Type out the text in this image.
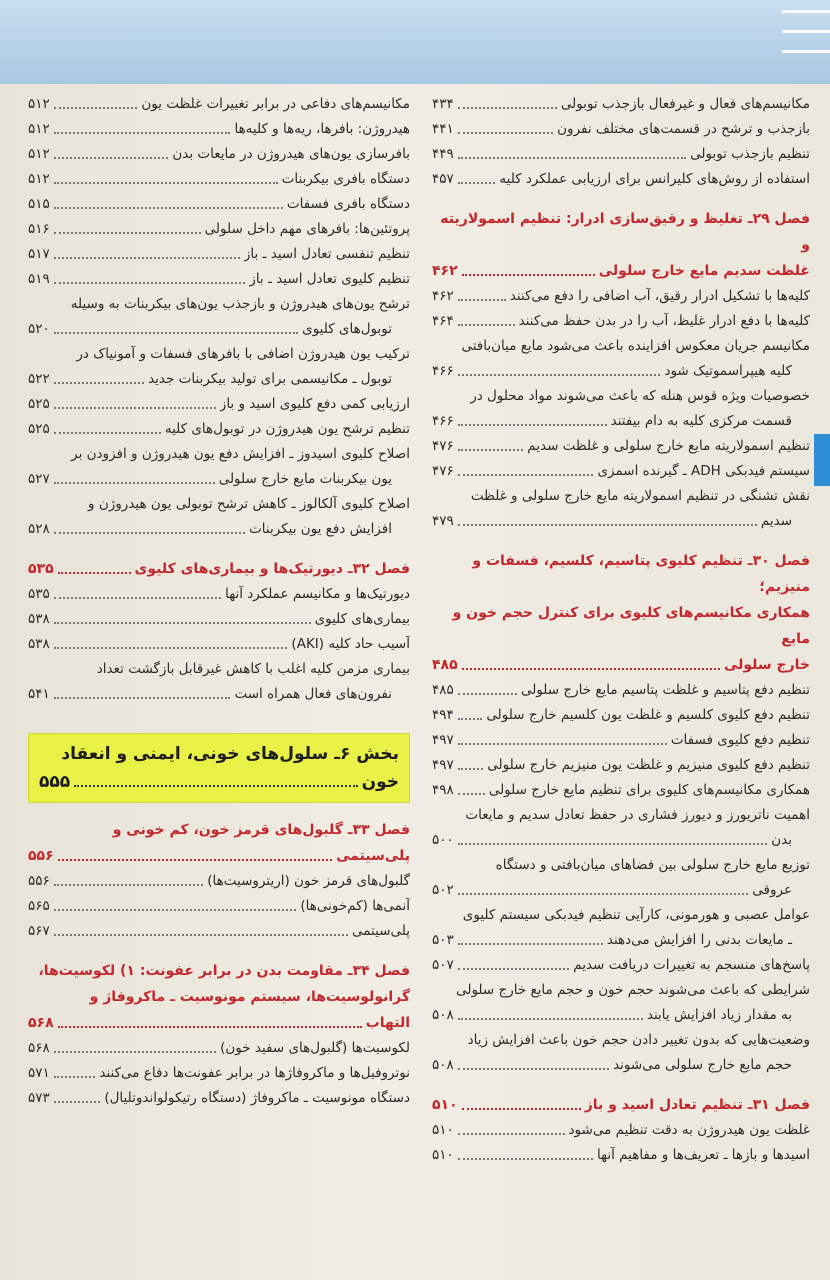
مکانیسم‌های فعال و غیرفعال بازجذب توبولی
۴۳۴
بازجذب و ترشح در قسمت‌های مختلف نفرون
۴۴۱
تنظیم بازجذب توبولی
۴۴۹
استفاده از روش‌های کلیرانس برای ارزیابی عملکرد کلیه
۴۵۷
فصل ۲۹ـ تغلیظ و رقیق‌سازی ادرار: تنظیم اسمولاریته و
غلظت سدیم مایع خارج سلولی
۴۶۲
کلیه‌ها با تشکیل ادرار رقیق، آب اضافی را دفع می‌کنند
۴۶۲
کلیه‌ها با دفع ادرار غلیظ، آب را در بدن حفظ می‌کنند
۴۶۴
مکانیسم جریان معکوس افزاینده باعث می‌شود مایع میان‌بافتی
کلیه هیپراسموتیک شود
۴۶۶
خصوصیات ویژه قوس هنله که باعث می‌شوند مواد محلول در
قسمت مرکزی کلیه به دام بیفتند
۴۶۶
تنظیم اسمولاریته مایع خارج سلولی و غلظت سدیم
۴۷۶
سیستم فیدبکی ADH ـ گیرنده اسمزی
۴۷۶
نقش تشنگی در تنظیم اسمولاریته مایع خارج سلولی و غلظت
سدیم
۴۷۹
فصل ۳۰ـ تنظیم کلیوی پتاسیم، کلسیم، فسفات و منیزیم؛
همکاری مکانیسم‌های کلیوی برای کنترل حجم خون و مایع
خارج سلولی
۴۸۵
تنظیم دفع پتاسیم و غلظت پتاسیم مایع خارج سلولی
۴۸۵
تنظیم دفع کلیوی کلسیم و غلظت یون کلسیم خارج سلولی
۴۹۴
تنظیم دفع کلیوی فسفات
۴۹۷
تنظیم دفع کلیوی منیزیم و غلظت یون منیزیم خارج سلولی
۴۹۷
همکاری مکانیسم‌های کلیوی برای تنظیم مایع خارج سلولی
۴۹۸
اهمیت ناتریورز و دیورز فشاری در حفظ تعادل سدیم و مایعات
بدن
۵۰۰
توزیع مایع خارج سلولی بین فضاهای میان‌بافتی و دستگاه
عروقی
۵۰۲
عوامل عصبی و هورمونی، کارآیی تنظیم فیدبکی سیستم کلیوی
ـ مایعات بدنی را افزایش می‌دهند
۵۰۳
پاسخ‌های منسجم به تغییرات دریافت سدیم
۵۰۷
شرایطی که باعث می‌شوند حجم خون و حجم مایع خارج سلولی
به مقدار زیاد افزایش یابند
۵۰۸
وضعیت‌هایی که بدون تغییر دادن حجم خون باعث افزایش زیاد
حجم مایع خارج سلولی می‌شوند
۵۰۸
فصل ۳۱ـ تنظیم تعادل اسید و باز
۵۱۰
غلظت یون هیدروژن به دقت تنظیم می‌شود
۵۱۰
اسیدها و بازها ـ تعریف‌ها و مفاهیم آنها
۵۱۰
مکانیسم‌های دفاعی در برابر تغییرات غلظت یون
۵۱۲
هیدروژن: بافرها، ریه‌ها و کلیه‌ها
۵۱۲
بافرسازی یون‌های هیدروژن در مایعات بدن
۵۱۲
دستگاه بافری بیکربنات
۵۱۲
دستگاه بافری فسفات
۵۱۵
پروتئین‌ها: بافرهای مهم داخل سلولی
۵۱۶
تنظیم تنفسی تعادل اسید ـ باز
۵۱۷
تنظیم کلیوی تعادل اسید ـ باز
۵۱۹
ترشح یون‌های هیدروژن و بازجذب یون‌های بیکربنات به وسیله
توبول‌های کلیوی
۵۲۰
ترکیب یون هیدروژن اضافی با بافرهای فسفات و آمونیاک در
توبول ـ مکانیسمی برای تولید بیکربنات جدید
۵۲۲
ارزیابی کمی دفع کلیوی اسید و باز
۵۲۵
تنظیم ترشح یون هیدروژن در توبول‌های کلیه
۵۲۵
اصلاح کلیوی اسیدوز ـ افزایش دفع یون هیدروژن و افزودن بر
یون بیکربنات مایع خارج سلولی
۵۲۷
اصلاح کلیوی آلکالوز ـ کاهش ترشح توبولی یون هیدروژن و
افزایش دفع یون بیکربنات
۵۲۸
فصل ۳۲ـ دیورتیک‌ها و بیماری‌های کلیوی
۵۳۵
دیورتیک‌ها و مکانیسم عملکرد آنها
۵۳۵
بیماری‌های کلیوی
۵۳۸
آسیب حاد کلیه (AKI)
۵۳۸
بیماری مزمن کلیه اغلب با کاهش غیرقابل بازگشت تعداد
نفرون‌های فعال همراه است
۵۴۱
بخش ۶ـ سلول‌های خونی، ایمنی و انعقاد
خون
۵۵۵
فصل ۳۳ـ گلبول‌های قرمز خون، کم خونی و
پلی‌سیتمی
۵۵۶
گلبول‌های قرمز خون (اریتروسیت‌ها)
۵۵۶
آنمی‌ها (کم‌خونی‌ها)
۵۶۵
پلی‌سیتمی
۵۶۷
فصل ۳۴ـ مقاومت بدن در برابر عفونت: ۱) لکوسیت‌ها،
گرانولوسیت‌ها، سیستم مونوسیت ـ ماکروفاژ و
التهاب
۵۶۸
لکوسیت‌ها (گلبول‌های سفید خون)
۵۶۸
نوتروفیل‌ها و ماکروفاژها در برابر عفونت‌ها دفاع می‌کنند
۵۷۱
دستگاه مونوسیت ـ ماکروفاژ (دستگاه رتیکولواندوتلیال)
۵۷۳
